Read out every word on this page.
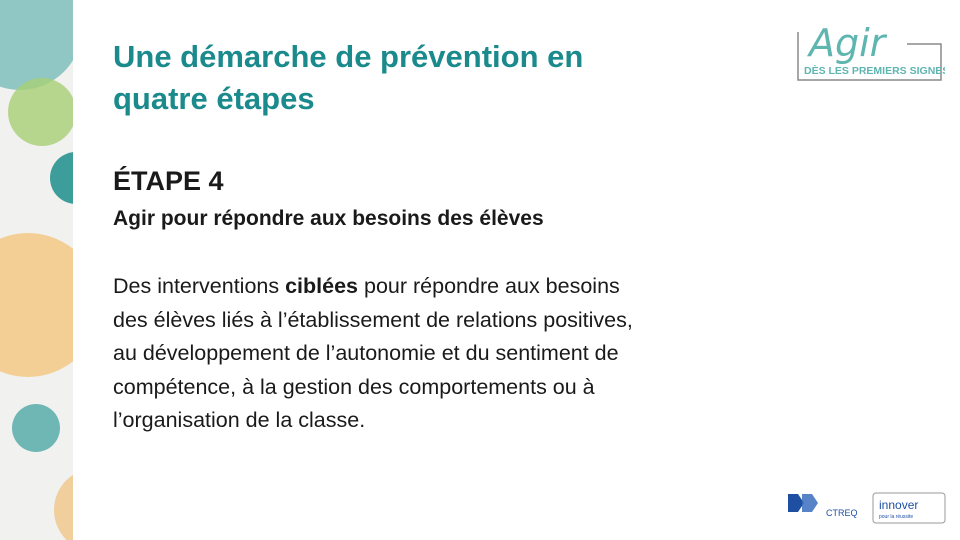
Une démarche de prévention en
quatre étapes
ÉTAPE 4
Agir pour répondre aux besoins des élèves
Des interventions ciblées pour répondre aux besoins
des élèves liés à l’établissement de relations positives,
au développement de l’autonomie et du sentiment de
compétence, à la gestion des comportements ou à
l’organisation de la classe.
Agir
DÈS LES PREMIERS SIGNES
CTREQ
innover
pour la réussite
